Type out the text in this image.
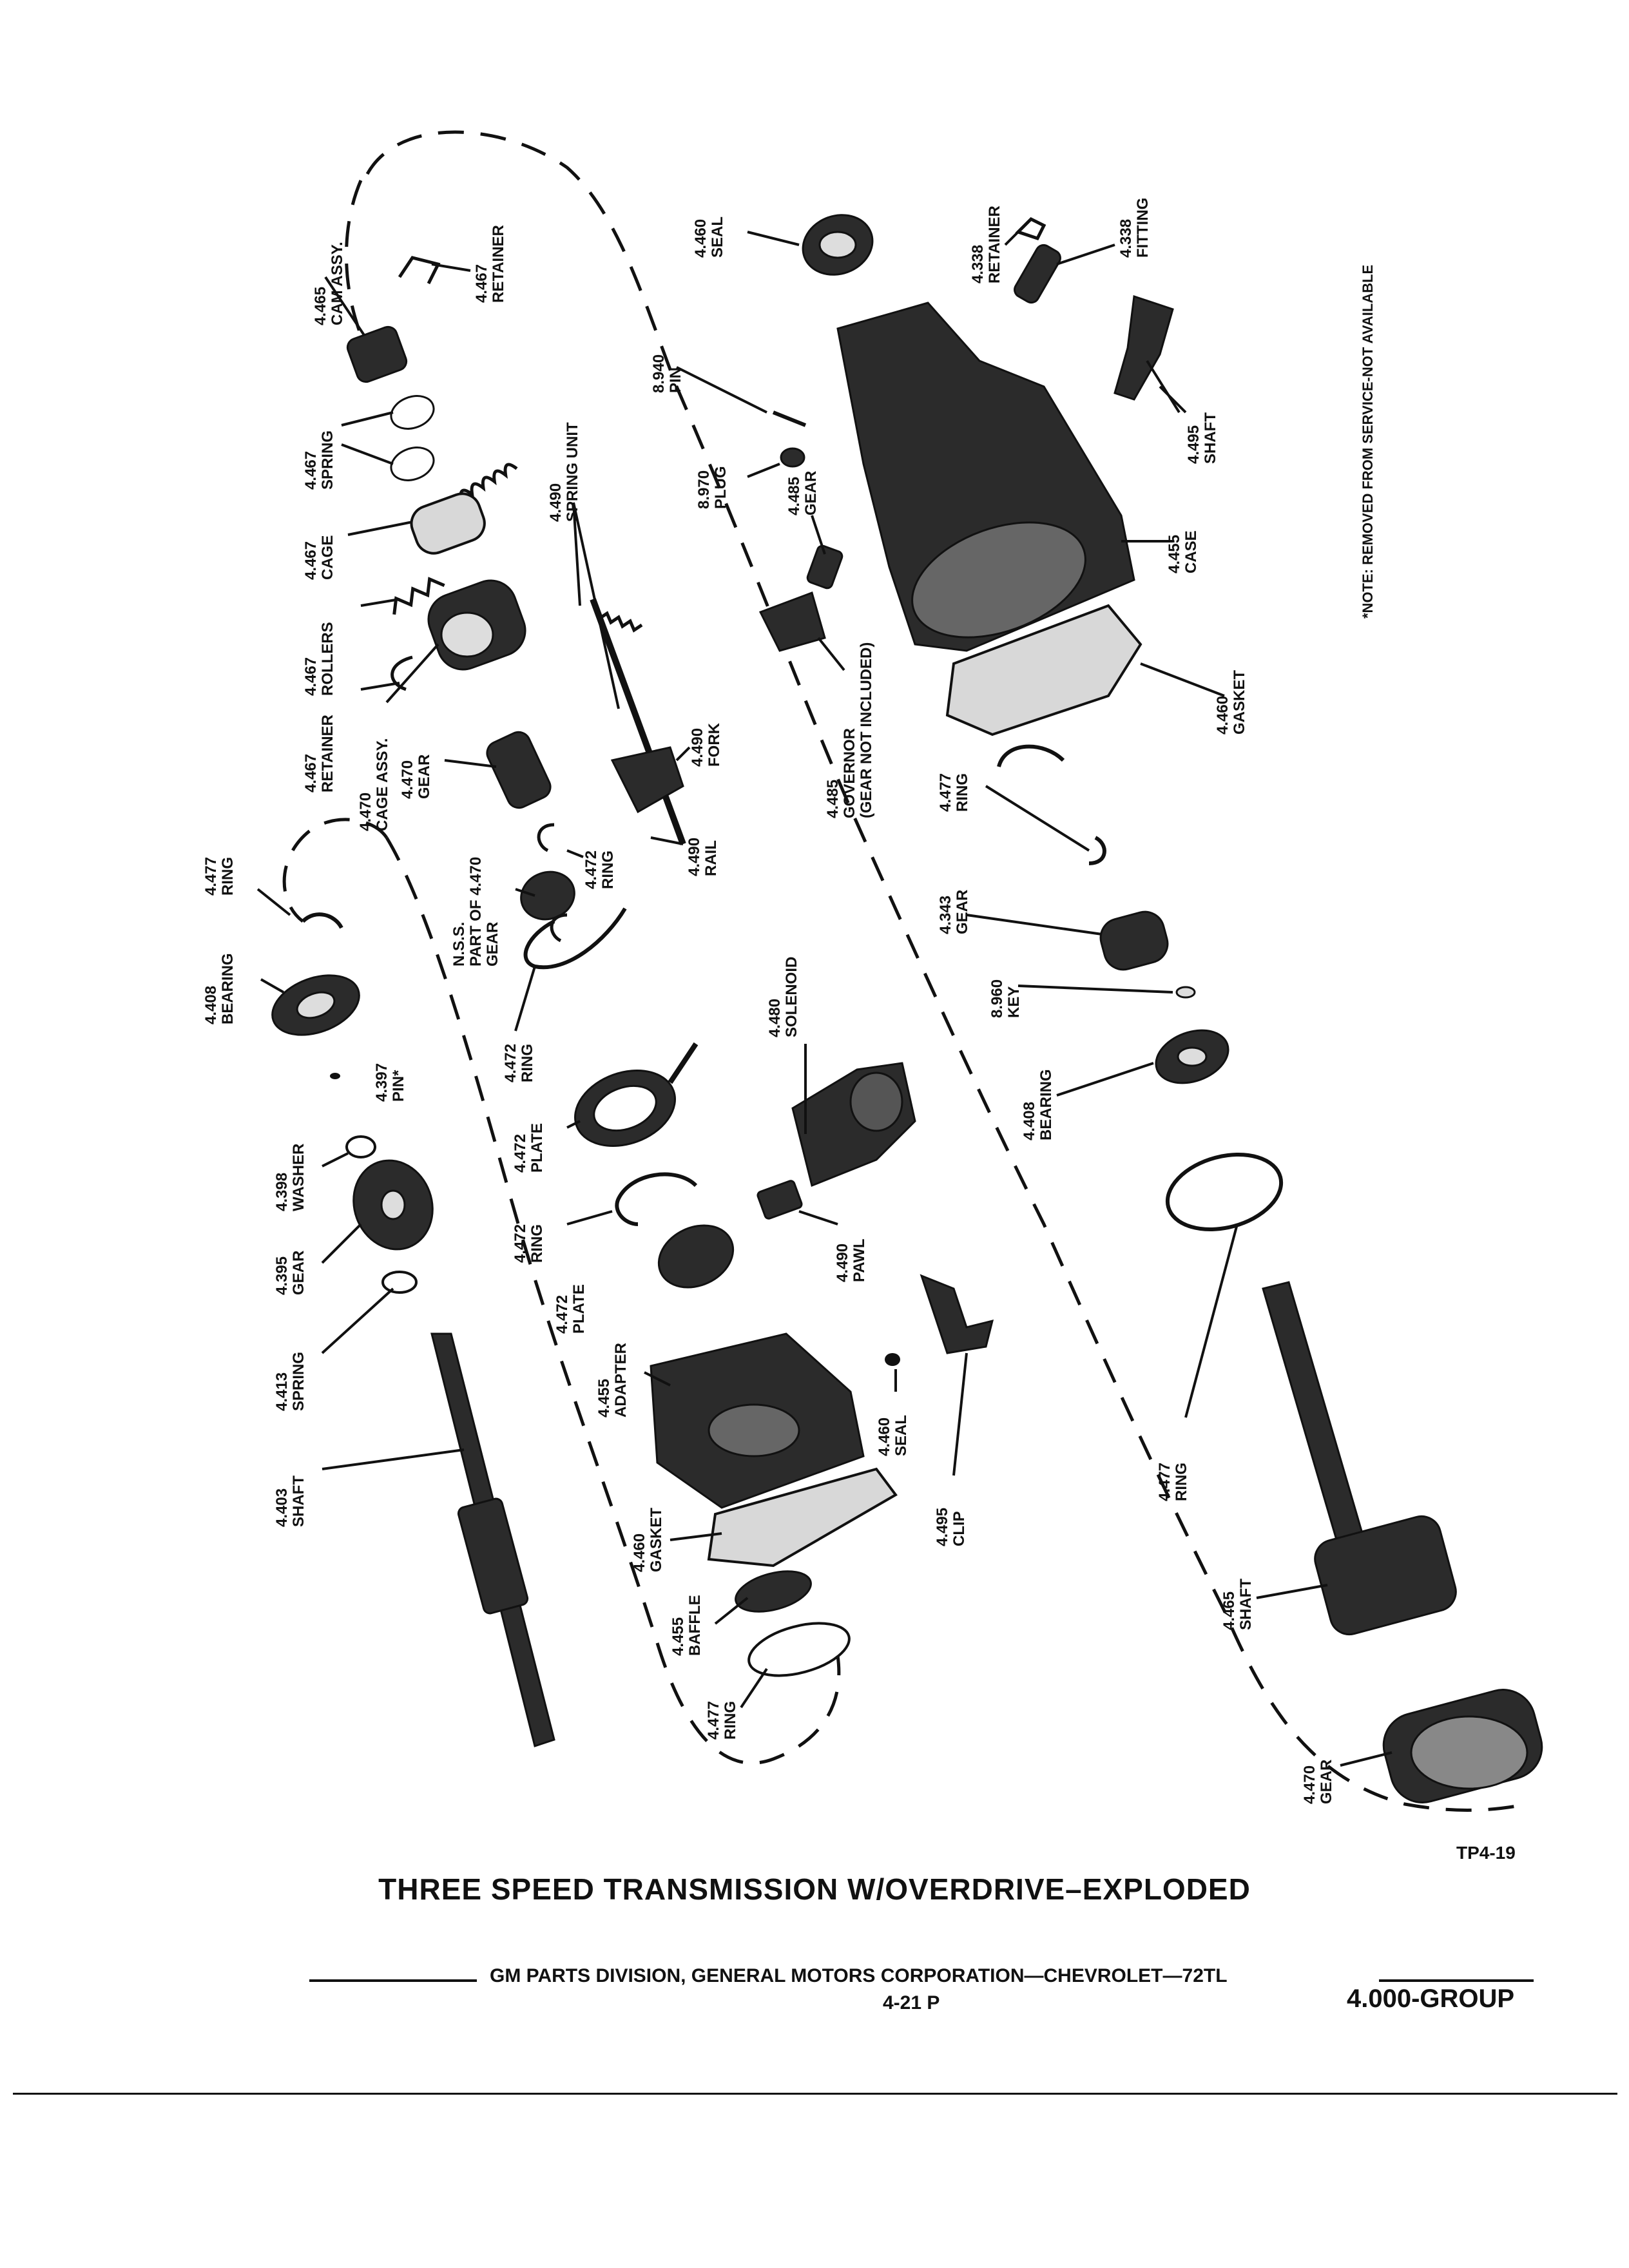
4.465 CAM ASSY.	4.467 RETAINER
4.467 SPRING
4.467 CAGE
4.467 ROLLERS
4.467 RETAINER
4.470 CAGE ASSY. 4.470 GEAR
4.490 SPRING UNIT
4.490 FORK
4.490 RAIL
N.S.S. PART OF 4.470 GEAR
4.472 RING
4.477 RING
4.408 BEARING
4.397 PIN*
4.472 RING
4.472 PLATE
4.472 RING
4.472 PLATE
4.398 WASHER
4.395 GEAR
4.413 SPRING
4.403 SHAFT
4.455 ADAPTER
4.460 GASKET
4.455 BAFFLE
4.477 RING
4.460 SEAL
4.495 CLIP
4.490 PAWL
4.480 SOLENOID
8.940 PIN
8.970 PLUG	4.485 GEAR
4.485 GOVERNOR (GEAR NOT INCLUDED)
4.460 SEAL
4.338 RETAINER	4.338 FITTING
4.495 SHAFT
4.455 CASE
4.460 GASKET
4.477 RING
4.343 GEAR
8.960 KEY
4.408 BEARING
4.477 RING
4.465 SHAFT
4.470 GEAR
*NOTE: REMOVED FROM SERVICE-NOT AVAILABLE
TP4-19
THREE SPEED TRANSMISSION W/OVERDRIVE–EXPLODED
GM PARTS DIVISION, GENERAL MOTORS CORPORATION—CHEVROLET—72TL
4-21 P	4.000-GROUP
